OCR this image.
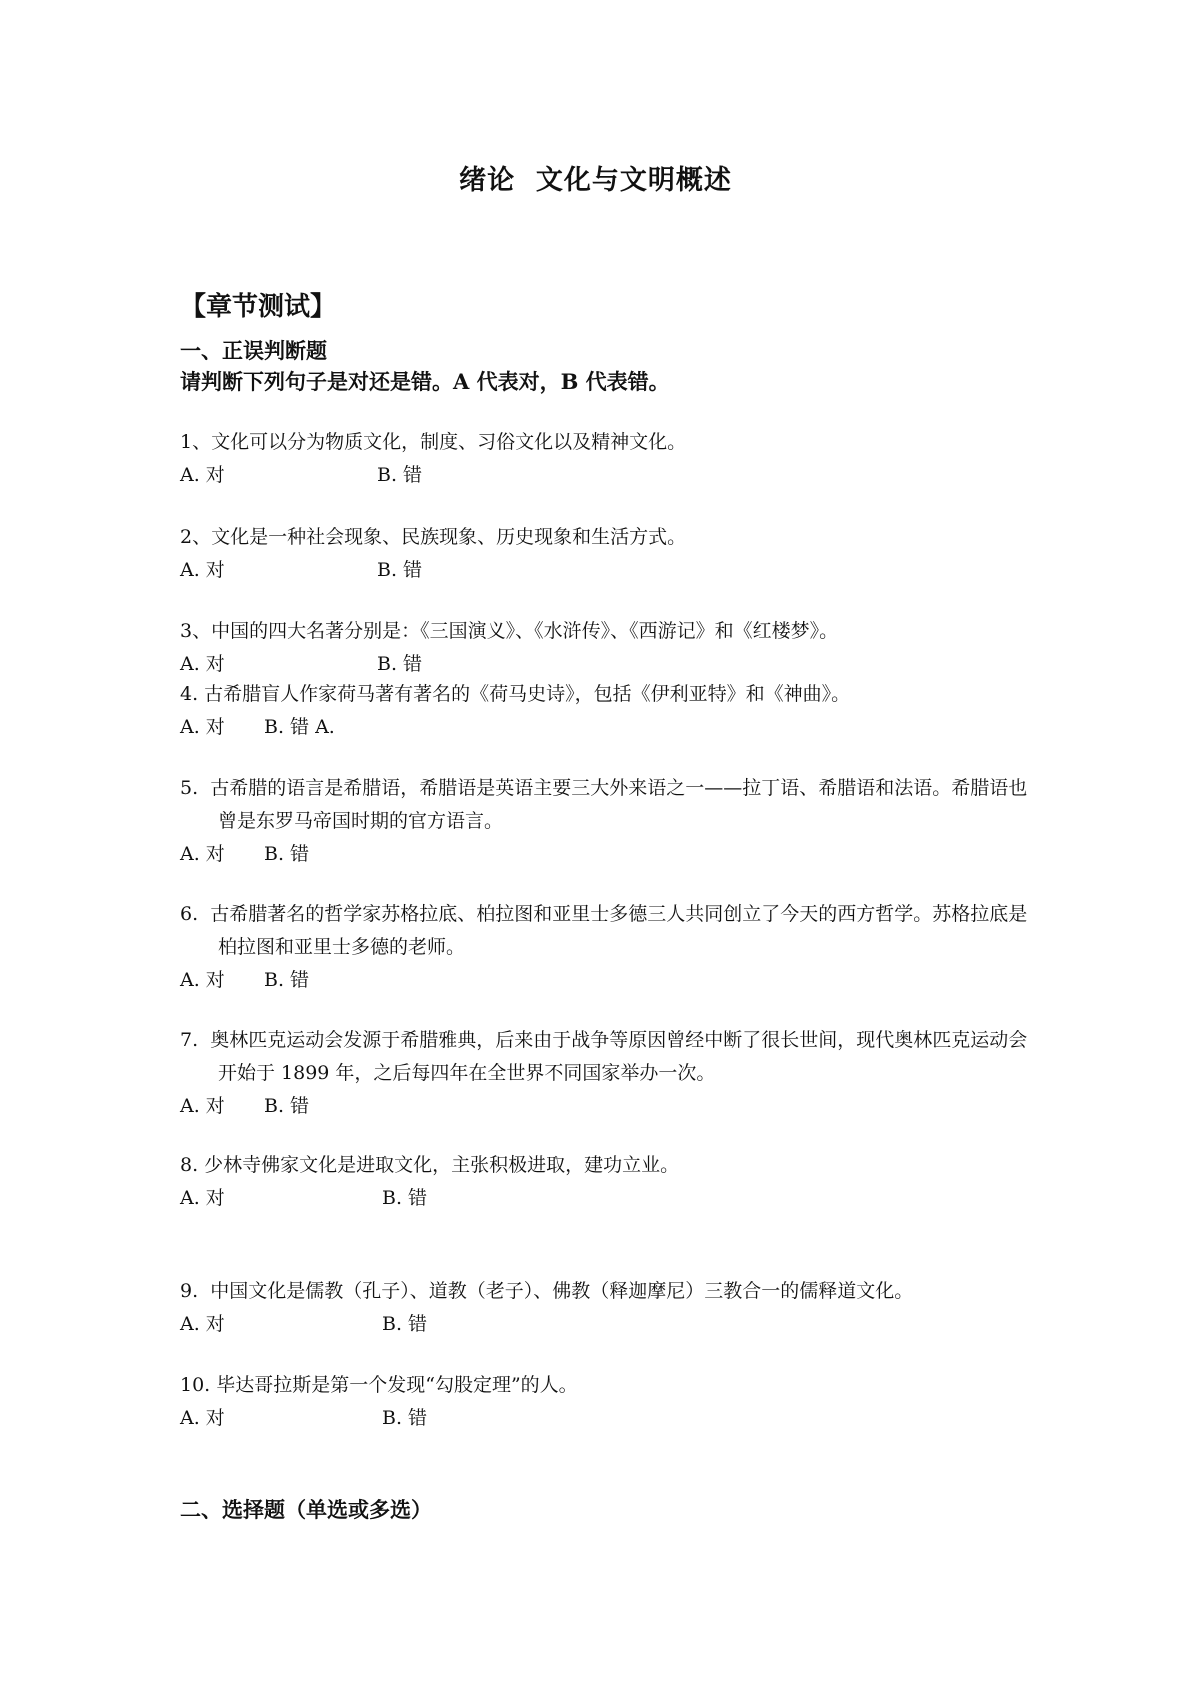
绪论  文化与文明概述
【章节测试】
一、正误判断题
请判断下列句子是对还是错。A 代表对，B 代表错。

1、文化可以分为物质文化，制度、习俗文化以及精神文化。

A. 对	B. 错

2、文化是一种社会现象、民族现象、历史现象和生活方式。

A. 对	B. 错

3、中国的四大名著分别是：《三国演义》、《水浒传》、《西游记》和《红楼梦》。

A. 对	B. 错

4. 古希腊盲人作家荷马著有著名的《荷马史诗》，包括《伊利亚特》和《神曲》。

A. 对 B. 错 A.

5.  古希腊的语言是希腊语，希腊语是英语主要三大外来语之一——拉丁语、希腊语和法语。希腊语也曾是东罗马帝国时期的官方语言。

A. 对 B. 错

6.  古希腊著名的哲学家苏格拉底、柏拉图和亚里士多德三人共同创立了今天的西方哲学。苏格拉底是柏拉图和亚里士多德的老师。

A. 对 B. 错

7.  奥林匹克运动会发源于希腊雅典，后来由于战争等原因曾经中断了很长世间，现代奥林匹克运动会开始于 1899 年，之后每四年在全世界不同国家举办一次。

A. 对 B. 错

8. 少林寺佛家文化是进取文化，主张积极进取，建功立业。

A. 对	B. 错

9.  中国文化是儒教（孔子）、道教（老子）、佛教（释迦摩尼）三教合一的儒释道文化。

A. 对	B. 错

10. 毕达哥拉斯是第一个发现“勾股定理”的人。

A. 对	B. 错
二、选择题（单选或多选）
